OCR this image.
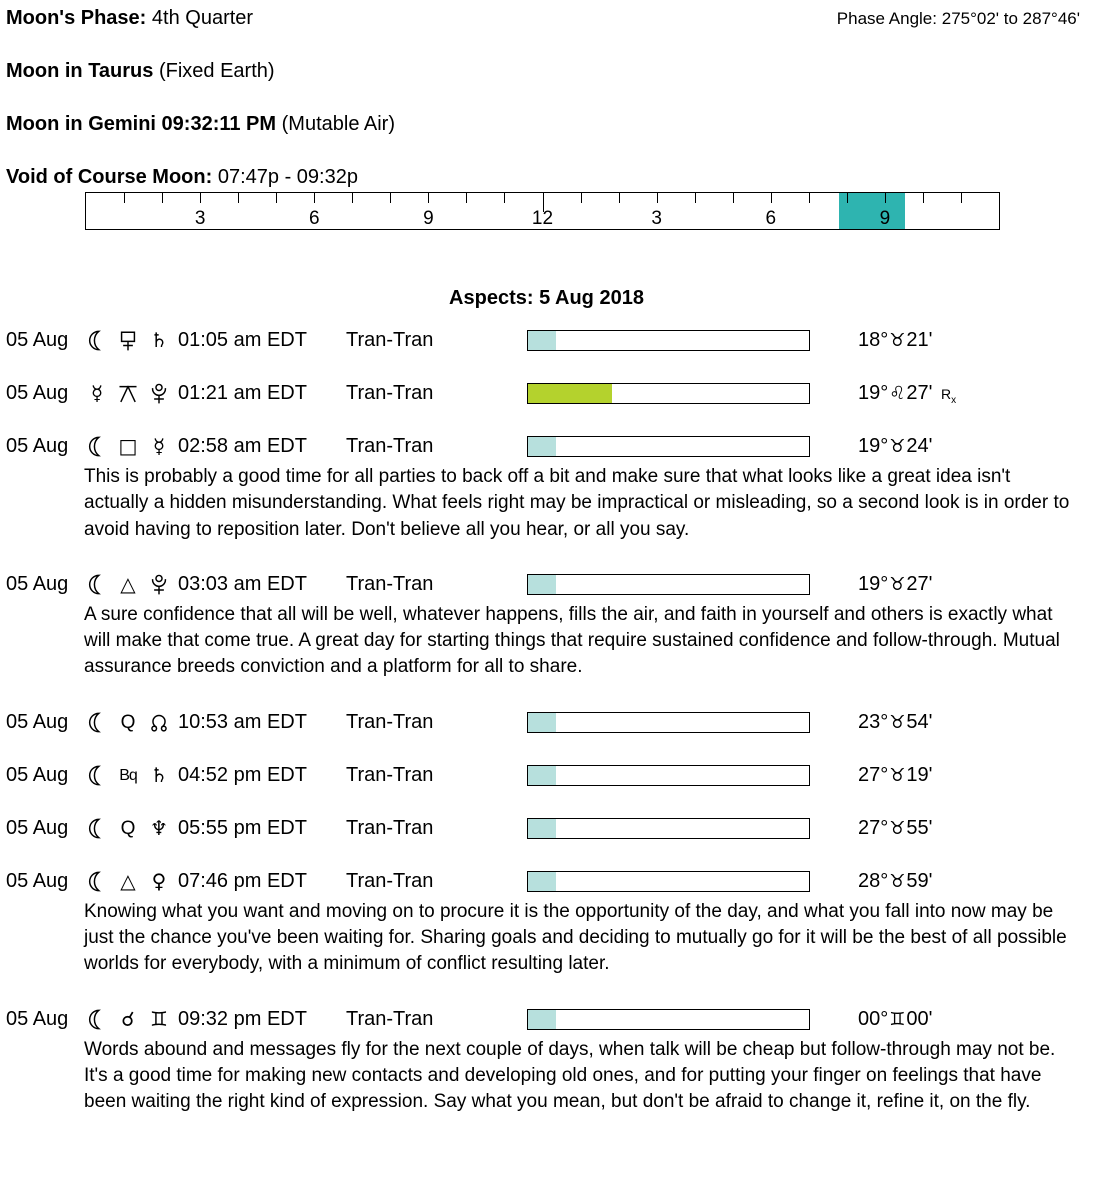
Moon's Phase: 4th Quarter	Phase Angle: 275°02' to 287°46'
Moon in Taurus (Fixed Earth)
Moon in Gemini 09:32:11 PM (Mutable Air)
Void of Course Moon: 07:47p - 09:32p
3	6	9	12	3	6	9
Aspects: 5 Aug 2018
05 Aug	♄ 01:05 am EDT	Tran-Tran	18°♉21'
05 Aug	☿	01:21 am EDT	Tran-Tran	19°♌27' $R_x$
05 Aug	□ ☿ 02:58 am EDT	Tran-Tran	19°♉24'

This is probably a good time for all parties to back off a bit and make sure that what looks like a great idea isn't actually a hidden misunderstanding. What feels right may be impractical or misleading, so a second look is in order to avoid having to reposition later. Don't believe all you hear, or all you say.

05 Aug	△ 03:03 am EDT	Tran-Tran	19°♉27'

A sure confidence that all will be well, whatever happens, fills the air, and faith in yourself and others is exactly what will make that come true. A great day for starting things that require sustained confidence and follow-through. Mutual assurance breeds conviction and a platform for all to share.

05 Aug	Q 10:53 am EDT	Tran-Tran	23°♉54'
05 Aug	Bq ♄ 04:52 pm EDT	Tran-Tran	27°♉19'
05 Aug	Q ♆ 05:55 pm EDT	Tran-Tran	27°♉55'
05 Aug	△ ♀ 07:46 pm EDT	Tran-Tran	28°♉59'

Knowing what you want and moving on to procure it is the opportunity of the day, and what you fall into now may be just the chance you've been waiting for. Sharing goals and deciding to mutually go for it will be the best of all possible worlds for everybody, with a minimum of conflict resulting later.

05 Aug	☌ ♊ 09:32 pm EDT	Tran-Tran	00°♊00'

Words abound and messages fly for the next couple of days, when talk will be cheap but follow-through may not be. It's a good time for making new contacts and developing old ones, and for putting your finger on feelings that have been waiting the right kind of expression. Say what you mean, but don't be afraid to change it, refine it, on the fly.
